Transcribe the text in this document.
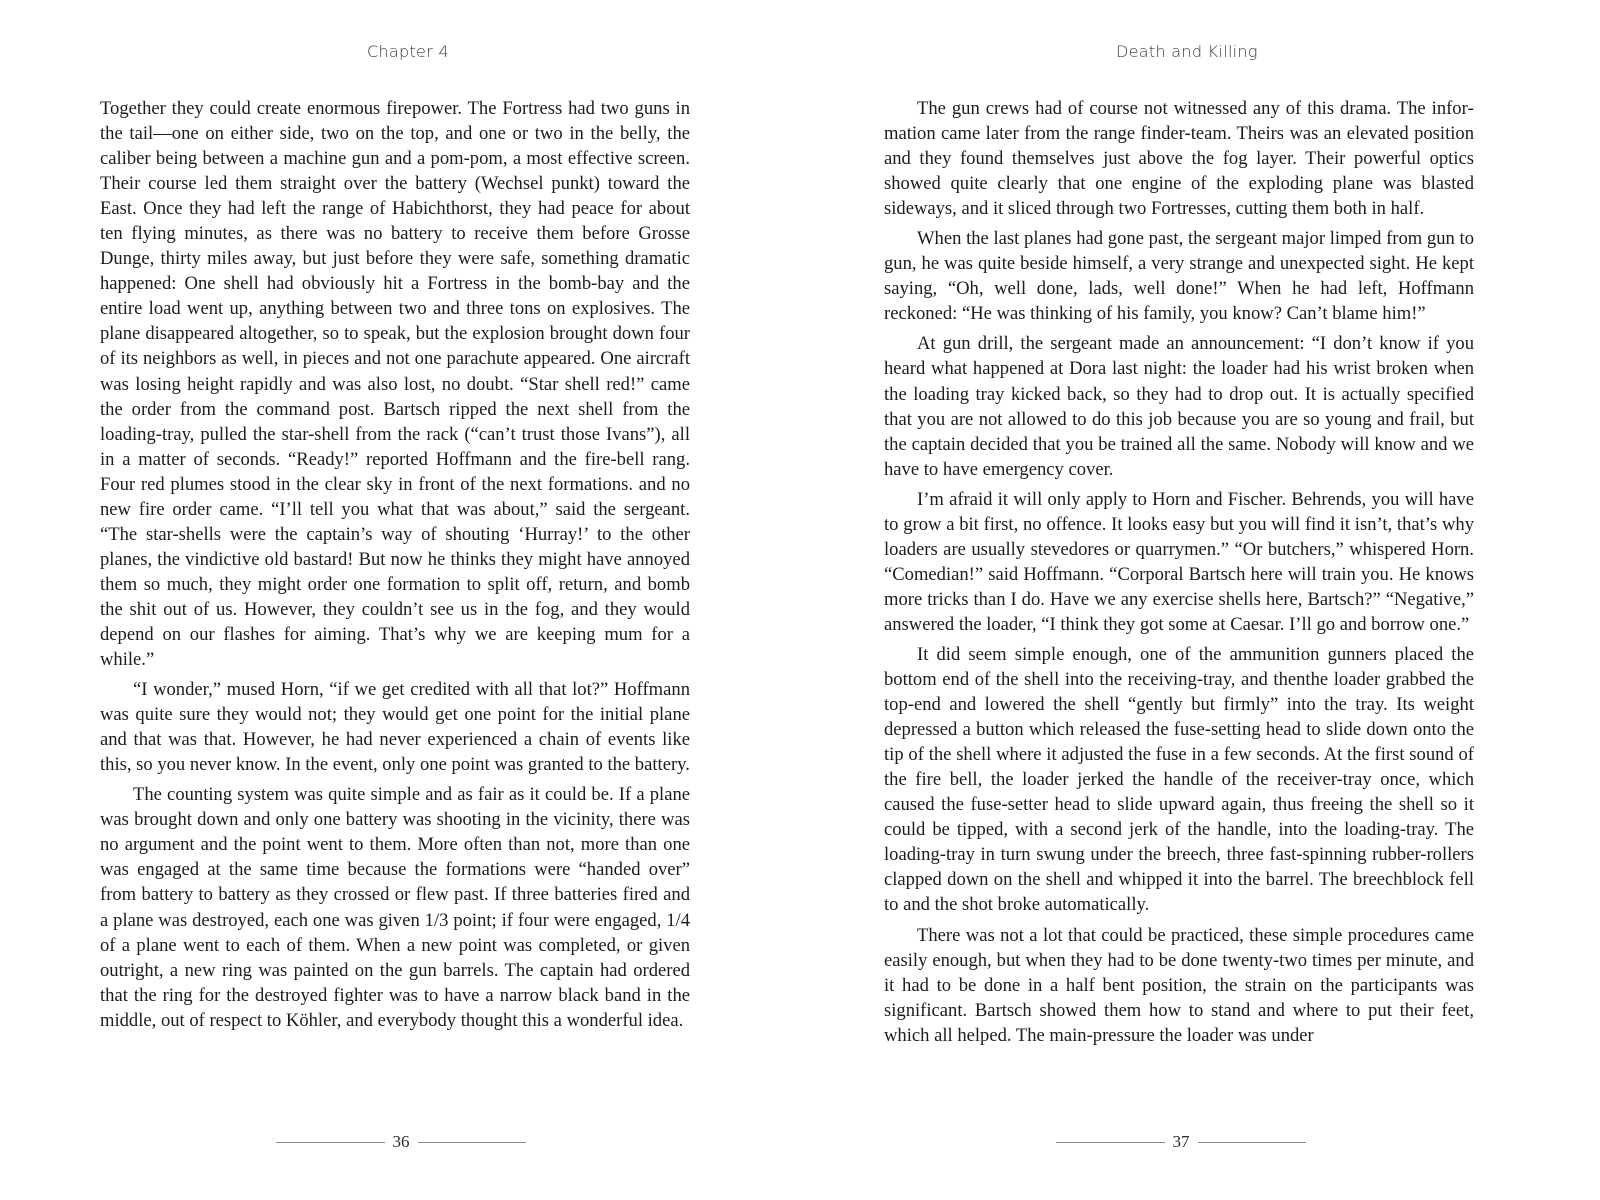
Chapter 4

Together they could create enormous firepower. The Fortress had two guns in the tail—one on either side, two on the top, and one or two in the belly, the caliber being between a machine gun and a pom-pom, a most effective screen. Their course led them straight over the battery (Wechsel punkt) toward the East. Once they had left the range of Habichthorst, they had peace for about ten flying minutes, as there was no battery to receive them before Grosse Dunge, thirty miles away, but just before they were safe, something dramatic happened: One shell had obviously hit a Fortress in the bomb-bay and the entire load went up, anything between two and three tons on explosives. The plane disappeared altogether, so to speak, but the explosion brought down four of its neighbors as well, in pieces and not one parachute appeared. One aircraft was losing height rapidly and was also lost, no doubt. “Star shell red!” came the order from the command post. Bartsch ripped the next shell from the loading-tray, pulled the star-shell from the rack (“can’t trust those Ivans”), all in a matter of seconds. “Ready!” reported Hoffmann and the fire-bell rang. Four red plumes stood in the clear sky in front of the next formations. and no new fire order came. “I’ll tell you what that was about,” said the sergeant. “The star-shells were the captain’s way of shouting ‘Hurray!’ to the other planes, the vindictive old bastard! But now he thinks they might have annoyed them so much, they might order one formation to split off, return, and bomb the shit out of us. However, they couldn’t see us in the fog, and they would depend on our flashes for aiming. That’s why we are keeping mum for a while.”

“I wonder,” mused Horn, “if we get credited with all that lot?” Hoffmann was quite sure they would not; they would get one point for the initial plane and that was that. However, he had never experienced a chain of events like this, so you never know. In the event, only one point was granted to the battery.

The counting system was quite simple and as fair as it could be. If a plane was brought down and only one battery was shooting in the vicinity, there was no argument and the point went to them. More often than not, more than one was engaged at the same time because the formations were “handed over” from battery to battery as they crossed or flew past. If three batteries fired and a plane was destroyed, each one was given 1/3 point; if four were engaged, 1/4 of a plane went to each of them. When a new point was completed, or given outright, a new ring was painted on the gun barrels. The captain had ordered that the ring for the destroyed fighter was to have a narrow black band in the middle, out of respect to Köhler, and everybody thought this a wonderful idea.

36
Death and Killing

The gun crews had of course not witnessed any of this drama. The information came later from the range finder-team. Theirs was an elevated position and they found themselves just above the fog layer. Their powerful optics showed quite clearly that one engine of the exploding plane was blasted sideways, and it sliced through two Fortresses, cutting them both in half.

When the last planes had gone past, the sergeant major limped from gun to gun, he was quite beside himself, a very strange and unexpected sight. He kept saying, “Oh, well done, lads, well done!” When he had left, Hoffmann reckoned: “He was thinking of his family, you know? Can’t blame him!”

At gun drill, the sergeant made an announcement: “I don’t know if you heard what happened at Dora last night: the loader had his wrist broken when the loading tray kicked back, so they had to drop out. It is actually specified that you are not allowed to do this job because you are so young and frail, but the captain decided that you be trained all the same. Nobody will know and we have to have emergency cover.

I’m afraid it will only apply to Horn and Fischer. Behrends, you will have to grow a bit first, no offence. It looks easy but you will find it isn’t, that’s why loaders are usually stevedores or quarrymen.” “Or butchers,” whispered Horn. “Comedian!” said Hoffmann. “Corporal Bartsch here will train you. He knows more tricks than I do. Have we any exercise shells here, Bartsch?” “Negative,” answered the loader, “I think they got some at Caesar. I’ll go and borrow one.”

It did seem simple enough, one of the ammunition gunners placed the bottom end of the shell into the receiving-tray, and thenthe loader grabbed the top-end and lowered the shell “gently but firmly” into the tray. Its weight depressed a button which released the fuse-setting head to slide down onto the tip of the shell where it adjusted the fuse in a few seconds. At the first sound of the fire bell, the loader jerked the handle of the receiver-tray once, which caused the fuse-setter head to slide upward again, thus freeing the shell so it could be tipped, with a second jerk of the handle, into the loading-tray. The loading-tray in turn swung under the breech, three fast-spinning rubber-rollers clapped down on the shell and whipped it into the barrel. The breechblock fell to and the shot broke automatically.

There was not a lot that could be practiced, these simple procedures came easily enough, but when they had to be done twenty-two times per minute, and it had to be done in a half bent position, the strain on the participants was significant. Bartsch showed them how to stand and where to put their feet, which all helped. The main-pressure the loader was under

37
